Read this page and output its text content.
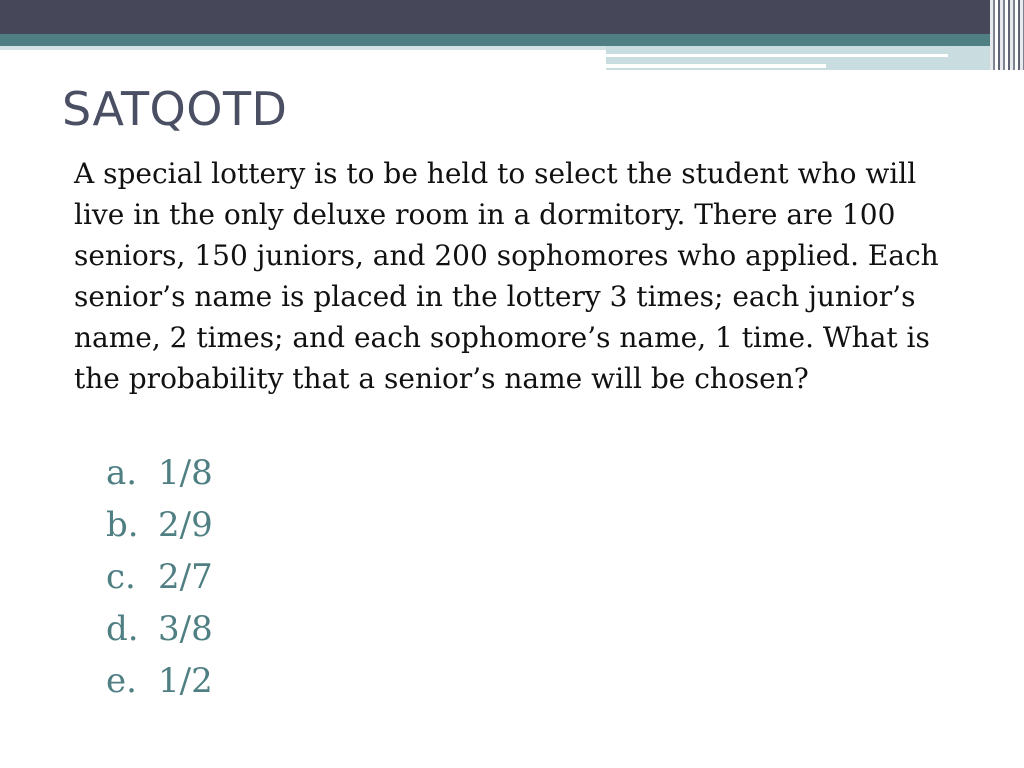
SATQOTD

A special lottery is to be held to select the student who will live in the only deluxe room in a dormitory. There are 100 seniors, 150 juniors, and 200 sophomores who applied. Each senior’s name is placed in the lottery 3 times; each junior’s name, 2 times; and each sophomore’s name, 1 time. What is the probability that a senior’s name will be chosen?

a. 1/8
b. 2/9
c. 2/7
d. 3/8
e. 1/2
